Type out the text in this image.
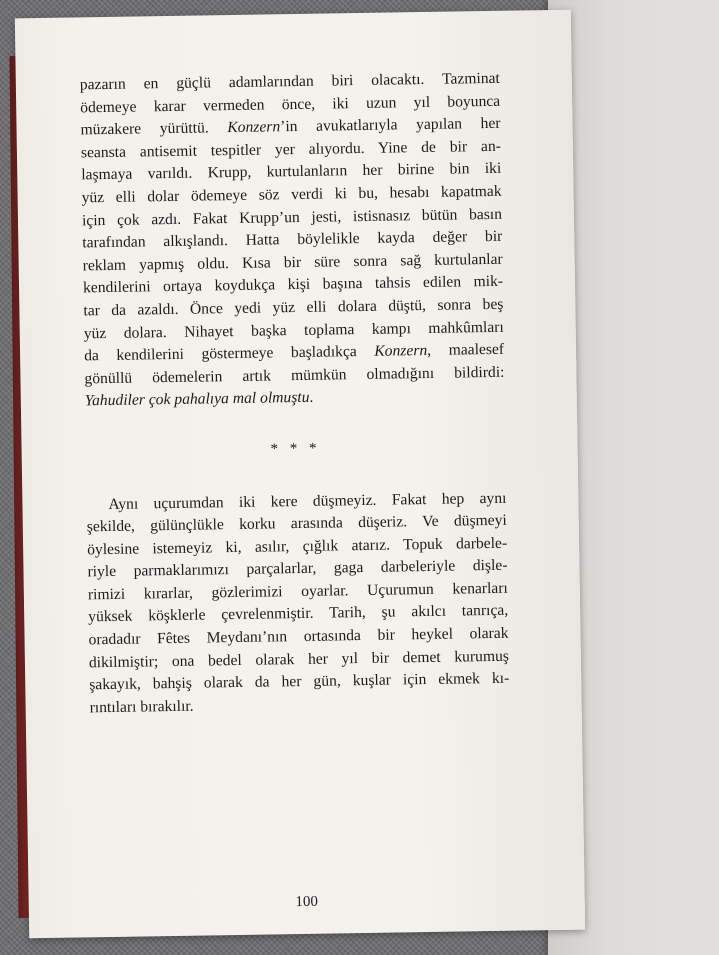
pazarın en güçlü adamlarından biri olacaktı. Tazminat
ödemeye karar vermeden önce, iki uzun yıl boyunca
müzakere yürüttü. Konzern’in avukatlarıyla yapılan her
seansta antisemit tespitler yer alıyordu. Yine de bir an-
laşmaya varıldı. Krupp, kurtulanların her birine bin iki
yüz elli dolar ödemeye söz verdi ki bu, hesabı kapatmak
için çok azdı. Fakat Krupp’un jesti, istisnasız bütün basın
tarafından alkışlandı. Hatta böylelikle kayda değer bir
reklam yapmış oldu. Kısa bir süre sonra sağ kurtulanlar
kendilerini ortaya koydukça kişi başına tahsis edilen mik-
tar da azaldı. Önce yedi yüz elli dolara düştü, sonra beş
yüz dolara. Nihayet başka toplama kampı mahkûmları
da kendilerini göstermeye başladıkça Konzern, maalesef
gönüllü ödemelerin artık mümkün olmadığını bildirdi:
Yahudiler çok pahalıya mal olmuştu.

* * *

Aynı uçurumdan iki kere düşmeyiz. Fakat hep aynı
şekilde, gülünçlükle korku arasında düşeriz. Ve düşmeyi
öylesine istemeyiz ki, asılır, çığlık atarız. Topuk darbele-
riyle parmaklarımızı parçalarlar, gaga darbeleriyle dişle-
rimizi kırarlar, gözlerimizi oyarlar. Uçurumun kenarları
yüksek köşklerle çevrelenmiştir. Tarih, şu akılcı tanrıça,
oradadır Fêtes Meydanı’nın ortasında bir heykel olarak
dikilmiştir; ona bedel olarak her yıl bir demet kurumuş
şakayık, bahşiş olarak da her gün, kuşlar için ekmek kı-
rıntıları bırakılır.

100
